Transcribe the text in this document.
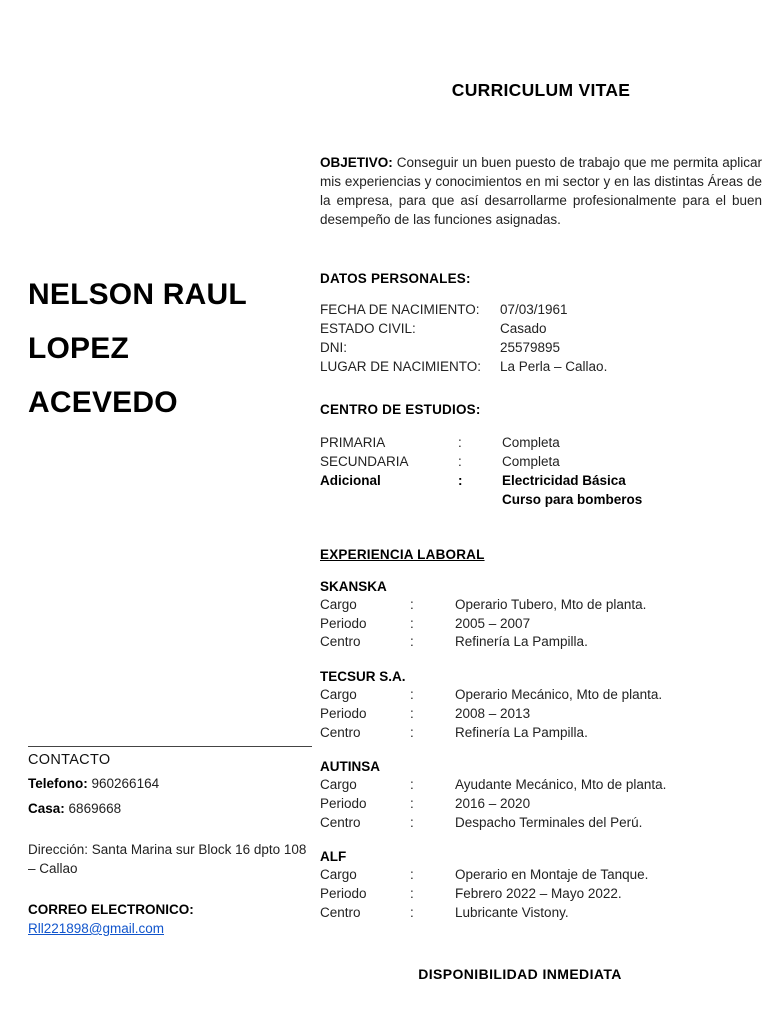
NELSON RAUL
LOPEZ
ACEVEDO
CONTACTO
Telefono: 960266164
Casa: 6869668
Dirección: Santa Marina sur Block 16 dpto 108 – Callao
CORREO ELECTRONICO:
Rll221898@gmail.com
CURRICULUM VITAE
OBJETIVO: Conseguir un buen puesto de trabajo que me permita aplicar mis experiencias y conocimientos en mi sector y en las distintas Áreas de la empresa, para que así desarrollarme profesionalmente para el buen desempeño de las funciones asignadas.
DATOS PERSONALES:
FECHA DE NACIMIENTO:	07/03/1961
ESTADO CIVIL:	Casado
DNI:	25579895
LUGAR DE NACIMIENTO:	La Perla – Callao.
CENTRO DE ESTUDIOS:
PRIMARIA	:	Completa
SECUNDARIA	:	Completa
Adicional	:	Electricidad Básica
Curso para bomberos
EXPERIENCIA LABORAL
SKANSKA
Cargo	:	Operario Tubero, Mto de planta.
Periodo	:	2005 – 2007
Centro	:	Refinería La Pampilla.
TECSUR S.A.
Cargo	:	Operario Mecánico, Mto de planta.
Periodo	:	2008 – 2013
Centro	:	Refinería La Pampilla.
AUTINSA
Cargo	:	Ayudante Mecánico, Mto de planta.
Periodo	:	2016 – 2020
Centro	:	Despacho Terminales del Perú.
ALF
Cargo	:	Operario en Montaje de Tanque.
Periodo	:	Febrero 2022 – Mayo 2022.
Centro	:	Lubricante Vistony.
DISPONIBILIDAD INMEDIATA
